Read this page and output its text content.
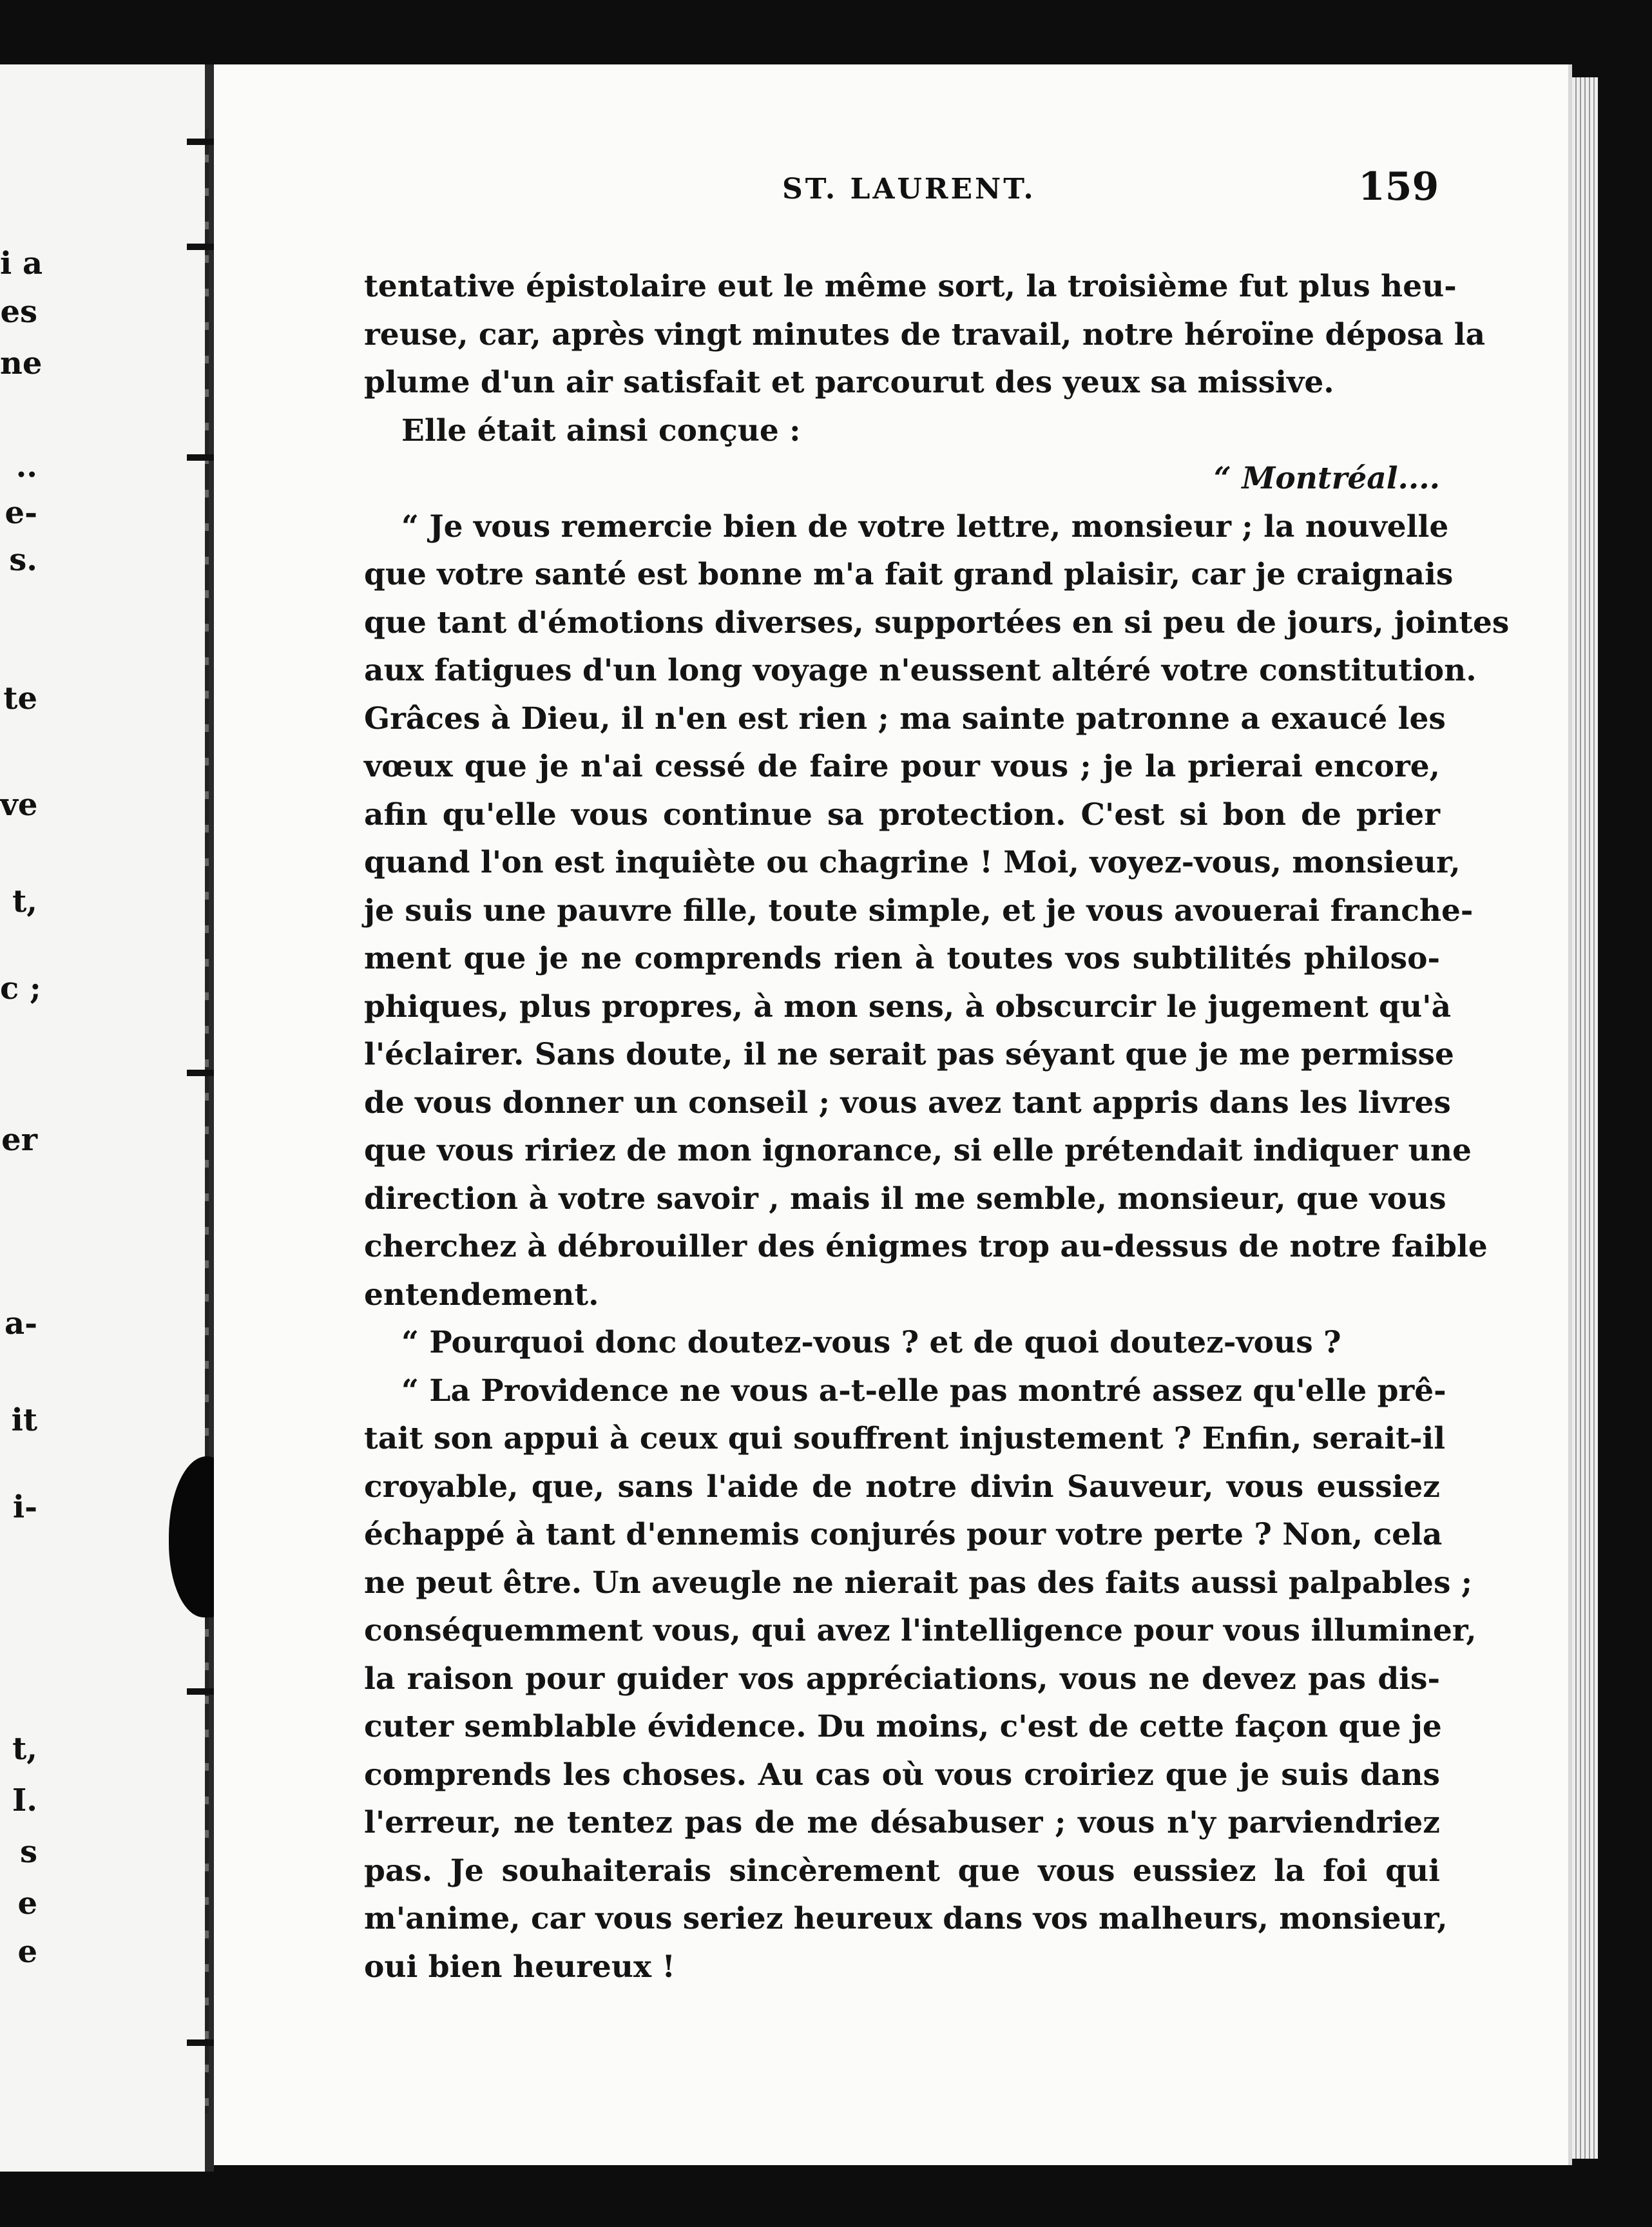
i a
es
ne
..
e-
s.
te
ve
t,
c ;
er
a-
it
i-
t,
I.
s
e
e
ST. LAURENT.	159
tentative épistolaire eut le même sort, la troisième fut plus heu-
reuse, car, après vingt minutes de travail, notre héroïne déposa la
plume d'un air satisfait et parcourut des yeux sa missive.
Elle était ainsi conçue :
“ Montréal....
“ Je vous remercie bien de votre lettre, monsieur ; la nouvelle
que votre santé est bonne m'a fait grand plaisir, car je craignais
que tant d'émotions diverses, supportées en si peu de jours, jointes
aux fatigues d'un long voyage n'eussent altéré votre constitution.
Grâces à Dieu, il n'en est rien ; ma sainte patronne a exaucé les
vœux que je n'ai cessé de faire pour vous ; je la prierai encore,
afin qu'elle vous continue sa protection. C'est si bon de prier
quand l'on est inquiète ou chagrine ! Moi, voyez-vous, monsieur,
je suis une pauvre fille, toute simple, et je vous avouerai franche-
ment que je ne comprends rien à toutes vos subtilités philoso-
phiques, plus propres, à mon sens, à obscurcir le jugement qu'à
l'éclairer. Sans doute, il ne serait pas séyant que je me permisse
de vous donner un conseil ; vous avez tant appris dans les livres
que vous ririez de mon ignorance, si elle prétendait indiquer une
direction à votre savoir , mais il me semble, monsieur, que vous
cherchez à débrouiller des énigmes trop au-dessus de notre faible
entendement.
“ Pourquoi donc doutez-vous ? et de quoi doutez-vous ?
“ La Providence ne vous a-t-elle pas montré assez qu'elle prê-
tait son appui à ceux qui souffrent injustement ? Enfin, serait-il
croyable, que, sans l'aide de notre divin Sauveur, vous eussiez
échappé à tant d'ennemis conjurés pour votre perte ? Non, cela
ne peut être. Un aveugle ne nierait pas des faits aussi palpables ;
conséquemment vous, qui avez l'intelligence pour vous illuminer,
la raison pour guider vos appréciations, vous ne devez pas dis-
cuter semblable évidence. Du moins, c'est de cette façon que je
comprends les choses. Au cas où vous croiriez que je suis dans
l'erreur, ne tentez pas de me désabuser ; vous n'y parviendriez
pas. Je souhaiterais sincèrement que vous eussiez la foi qui
m'anime, car vous seriez heureux dans vos malheurs, monsieur,
oui bien heureux !
